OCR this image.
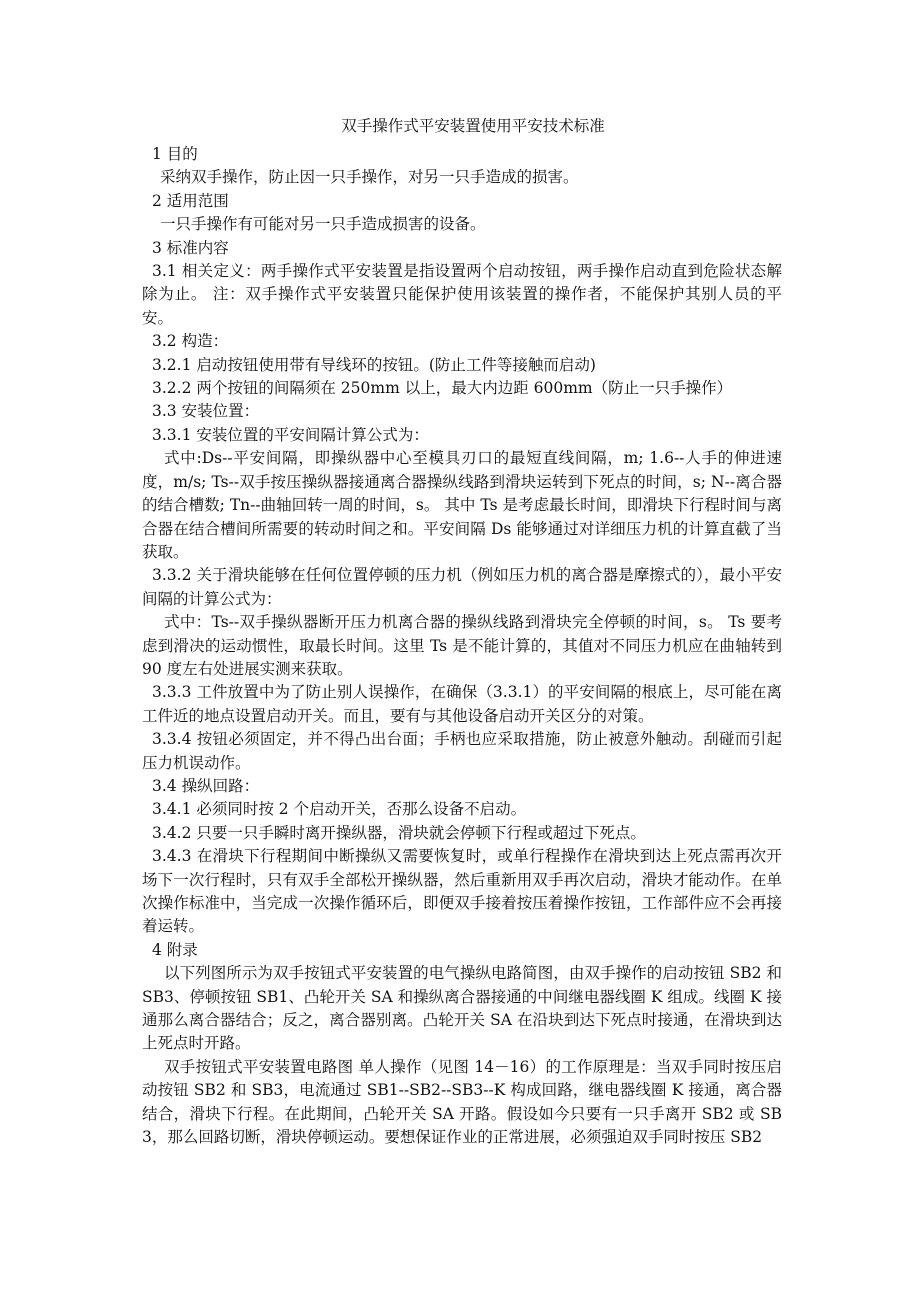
双手操作式平安装置使用平安技术标准

1 目的

采纳双手操作，防止因一只手操作，对另一只手造成的损害。

2 适用范围

一只手操作有可能对另一只手造成损害的设备。

3 标准内容

3.1 相关定义：两手操作式平安装置是指设置两个启动按钮，两手操作启动直到危险状态解除为止。 注：双手操作式平安装置只能保护使用该装置的操作者，不能保护其别人员的平安。

3.2 构造：

3.2.1 启动按钮使用带有导线环的按钮。(防止工件等接触而启动)

3.2.2 两个按钮的间隔须在 250mm 以上，最大内边距 600mm（防止一只手操作）

3.3 安装位置：

3.3.1 安装位置的平安间隔计算公式为：

式中:Ds--平安间隔，即操纵器中心至模具刃口的最短直线间隔，m; 1.6--人手的伸进速度，m/s; Ts--双手按压操纵器接通离合器操纵线路到滑块运转到下死点的时间，s; N--离合器的结合槽数; Tn--曲轴回转一周的时间，s。 其中 Ts 是考虑最长时间，即滑块下行程时间与离合器在结合槽间所需要的转动时间之和。平安间隔 Ds 能够通过对详细压力机的计算直截了当获取。

3.3.2 关于滑块能够在任何位置停顿的压力机（例如压力机的离合器是摩擦式的），最小平安间隔的计算公式为：

式中：Ts--双手操纵器断开压力机离合器的操纵线路到滑块完全停顿的时间，s。 Ts 要考虑到滑决的运动惯性，取最长时间。这里 Ts 是不能计算的，其值对不同压力机应在曲轴转到 90 度左右处进展实测来获取。

3.3.3 工件放置中为了防止别人误操作，在确保（3.3.1）的平安间隔的根底上，尽可能在离工件近的地点设置启动开关。而且，要有与其他设备启动开关区分的对策。

3.3.4 按钮必须固定，并不得凸出台面；手柄也应采取措施，防止被意外触动。刮碰而引起压力机误动作。

3.4 操纵回路：

3.4.1 必须同时按 2 个启动开关，否那么设备不启动。

3.4.2 只要一只手瞬时离开操纵器，滑块就会停顿下行程或超过下死点。

3.4.3 在滑块下行程期间中断操纵又需要恢复时，或单行程操作在滑块到达上死点需再次开场下一次行程时，只有双手全部松开操纵器，然后重新用双手再次启动，滑块才能动作。在单次操作标准中，当完成一次操作循环后，即便双手接着按压着操作按钮，工作部件应不会再接着运转。

4 附录

以下列图所示为双手按钮式平安装置的电气操纵电路简图，由双手操作的启动按钮 SB2 和 SB3、停顿按钮 SB1、凸轮开关 SA 和操纵离合器接通的中间继电器线圈 K 组成。线圈 K 接通那么离合器结合；反之，离合器别离。凸轮开关 SA 在沿块到达下死点时接通，在滑块到达上死点时开路。

双手按钮式平安装置电路图 单人操作（见图 14－16）的工作原理是：当双手同时按压启动按钮 SB2 和 SB3，电流通过 SB1--SB2--SB3--K 构成回路，继电器线圈 K 接通，离合器结合，滑块下行程。在此期间，凸轮开关 SA 开路。假设如今只要有一只手离开 SB2 或 SB3，那么回路切断，滑块停顿运动。要想保证作业的正常进展，必须强迫双手同时按压 SB2
